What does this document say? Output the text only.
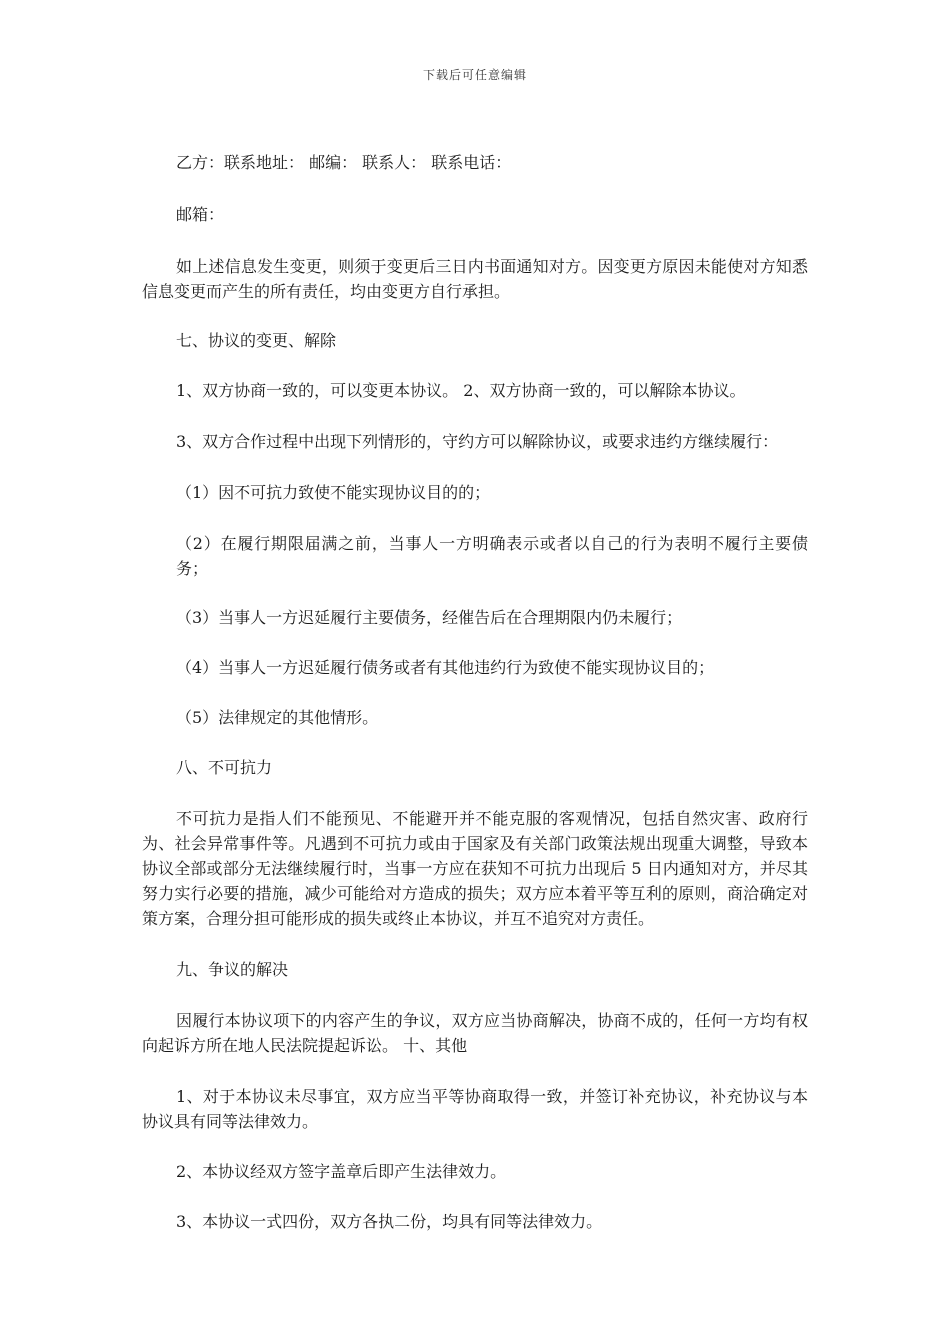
下载后可任意编辑

乙方：联系地址： 邮编： 联系人： 联系电话：

邮箱：

如上述信息发生变更，则须于变更后三日内书面通知对方。因变更方原因未能使对方知悉信息变更而产生的所有责任，均由变更方自行承担。

七、协议的变更、解除

1、双方协商一致的，可以变更本协议。 2、双方协商一致的，可以解除本协议。

3、双方合作过程中出现下列情形的，守约方可以解除协议，或要求违约方继续履行：

（1）因不可抗力致使不能实现协议目的的；

（2）在履行期限届满之前，当事人一方明确表示或者以自己的行为表明不履行主要债务；

（3）当事人一方迟延履行主要债务，经催告后在合理期限内仍未履行；

（4）当事人一方迟延履行债务或者有其他违约行为致使不能实现协议目的；

（5）法律规定的其他情形。

八、不可抗力

不可抗力是指人们不能预见、不能避开并不能克服的客观情况，包括自然灾害、政府行为、社会异常事件等。凡遇到不可抗力或由于国家及有关部门政策法规出现重大调整，导致本协议全部或部分无法继续履行时，当事一方应在获知不可抗力出现后 5 日内通知对方，并尽其努力实行必要的措施，减少可能给对方造成的损失；双方应本着平等互利的原则，商洽确定对策方案，合理分担可能形成的损失或终止本协议，并互不追究对方责任。

九、争议的解决

因履行本协议项下的内容产生的争议，双方应当协商解决，协商不成的，任何一方均有权向起诉方所在地人民法院提起诉讼。 十、其他

1、对于本协议未尽事宜，双方应当平等协商取得一致，并签订补充协议，补充协议与本协议具有同等法律效力。

2、本协议经双方签字盖章后即产生法律效力。

3、本协议一式四份，双方各执二份，均具有同等法律效力。
